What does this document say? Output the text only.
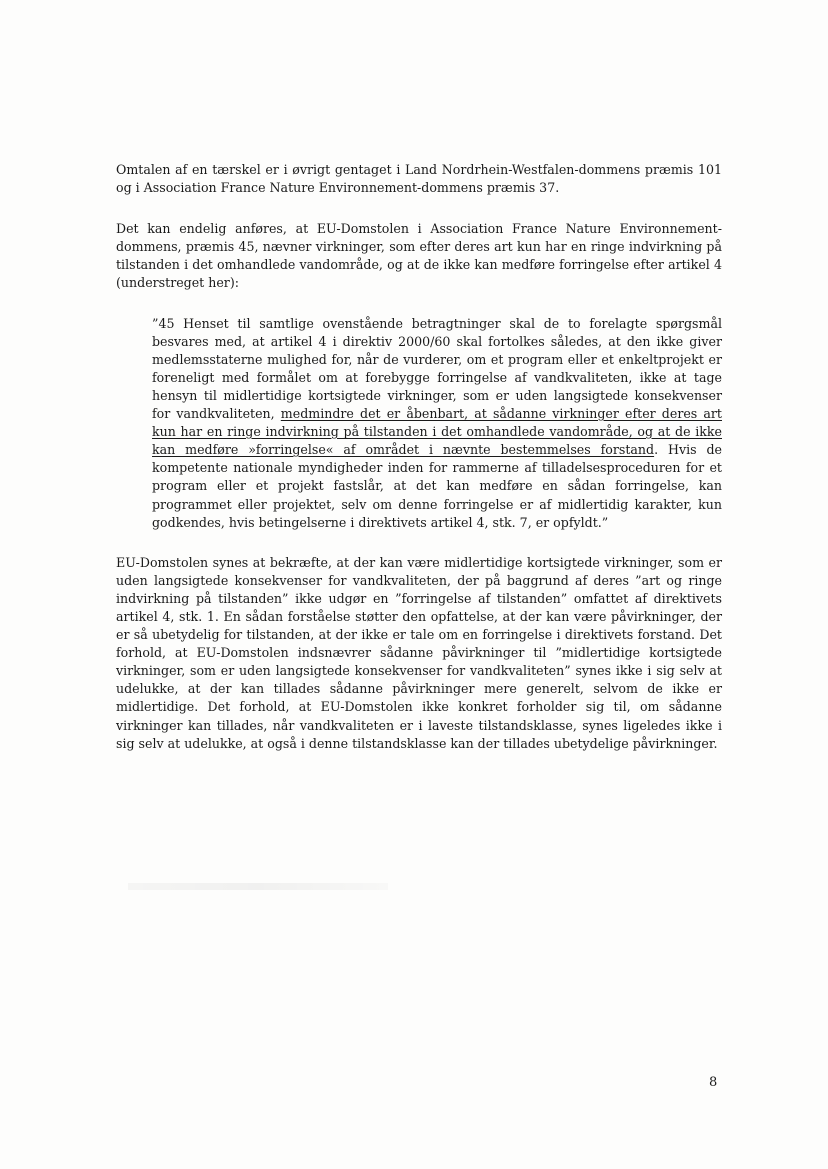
Omtalen af en tærskel er i øvrigt gentaget i Land Nordrhein-Westfalen-dommens præmis 101 og i Association France Nature Environnement-dommens præmis 37.

Det kan endelig anføres, at EU-Domstolen i Association France Nature Environnement-dommens, præmis 45, nævner virkninger, som efter deres art kun har en ringe indvirkning på tilstanden i det omhandlede vandområde, og at de ikke kan medføre forringelse efter artikel 4 (understreget her):

”45 Henset til samtlige ovenstående betragtninger skal de to forelagte spørgsmål besvares med, at artikel 4 i direktiv 2000/60 skal fortolkes således, at den ikke giver medlemsstaterne mulighed for, når de vurderer, om et program eller et enkeltprojekt er foreneligt med formålet om at forebygge forringelse af vandkvaliteten, ikke at tage hensyn til midlertidige kortsigtede virkninger, som er uden langsigtede konsekvenser for vandkvaliteten, medmindre det er åbenbart, at sådanne virkninger efter deres art kun har en ringe indvirkning på tilstanden i det omhandlede vandområde, og at de ikke kan medføre »forringelse« af området i nævnte bestemmelses forstand. Hvis de kompetente nationale myndigheder inden for rammerne af tilladelsesproceduren for et program eller et projekt fastslår, at det kan medføre en sådan forringelse, kan programmet eller projektet, selv om denne forringelse er af midlertidig karakter, kun godkendes, hvis betingelserne i direktivets artikel 4, stk. 7, er opfyldt.”

EU-Domstolen synes at bekræfte, at der kan være midlertidige kortsigtede virkninger, som er uden langsigtede konsekvenser for vandkvaliteten, der på baggrund af deres ”art og ringe indvirkning på tilstanden” ikke udgør en ”forringelse af tilstanden” omfattet af direktivets artikel 4, stk. 1. En sådan forståelse støtter den opfattelse, at der kan være påvirkninger, der er så ubetydelig for tilstanden, at der ikke er tale om en forringelse i direktivets forstand. Det forhold, at EU-Domstolen indsnævrer sådanne påvirkninger til ”midlertidige kortsigtede virkninger, som er uden langsigtede konsekvenser for vandkvaliteten” synes ikke i sig selv at udelukke, at der kan tillades sådanne påvirkninger mere generelt, selvom de ikke er midlertidige. Det forhold, at EU-Domstolen ikke konkret forholder sig til, om sådanne virkninger kan tillades, når vandkvaliteten er i laveste tilstandsklasse, synes ligeledes ikke i sig selv at udelukke, at også i denne tilstandsklasse kan der tillades ubetydelige påvirkninger.

8
